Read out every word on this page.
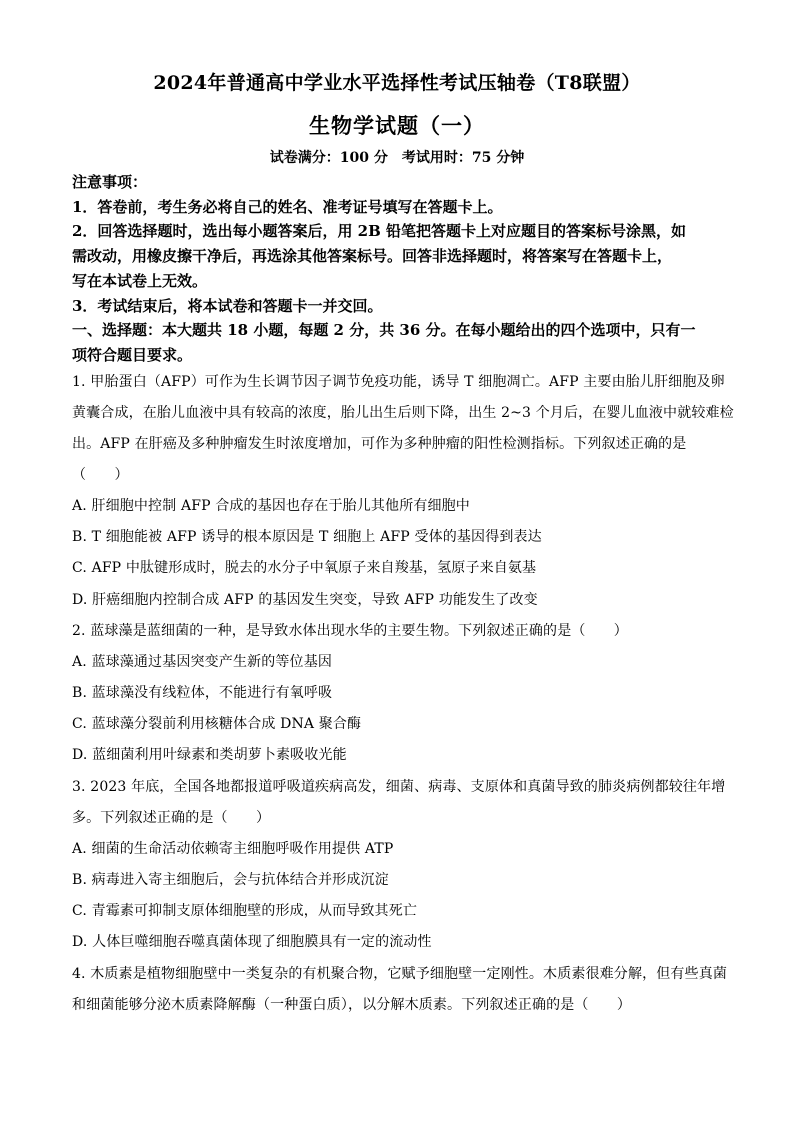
2024年普通高中学业水平选择性考试压轴卷（T8联盟）
生物学试题（一）
试卷满分：100 分　考试用时：75 分钟
注意事项：
1．答卷前，考生务必将自己的姓名、准考证号填写在答题卡上。
2．回答选择题时，选出每小题答案后，用 2B 铅笔把答题卡上对应题目的答案标号涂黑，如
需改动，用橡皮擦干净后，再选涂其他答案标号。回答非选择题时，将答案写在答题卡上，
写在本试卷上无效。
3．考试结束后，将本试卷和答题卡一并交回。
一、选择题：本大题共 18 小题，每题 2 分，共 36 分。在每小题给出的四个选项中，只有一
项符合题目要求。
1. 甲胎蛋白（AFP）可作为生长调节因子调节免疫功能，诱导 T 细胞凋亡。AFP 主要由胎儿肝细胞及卵
黄囊合成，在胎儿血液中具有较高的浓度，胎儿出生后则下降，出生 2~3 个月后，在婴儿血液中就较难检
出。AFP 在肝癌及多种肿瘤发生时浓度增加，可作为多种肿瘤的阳性检测指标。下列叙述正确的是
（　　）
A. 肝细胞中控制 AFP 合成的基因也存在于胎儿其他所有细胞中
B. T 细胞能被 AFP 诱导的根本原因是 T 细胞上 AFP 受体的基因得到表达
C. AFP 中肽键形成时，脱去的水分子中氧原子来自羧基，氢原子来自氨基
D. 肝癌细胞内控制合成 AFP 的基因发生突变，导致 AFP 功能发生了改变
2. 蓝球藻是蓝细菌的一种，是导致水体出现水华的主要生物。下列叙述正确的是（　　）
A. 蓝球藻通过基因突变产生新的等位基因
B. 蓝球藻没有线粒体，不能进行有氧呼吸
C. 蓝球藻分裂前利用核糖体合成 DNA 聚合酶
D. 蓝细菌利用叶绿素和类胡萝卜素吸收光能
3. 2023 年底，全国各地都报道呼吸道疾病高发，细菌、病毒、支原体和真菌导致的肺炎病例都较往年增
多。下列叙述正确的是（　　）
A. 细菌的生命活动依赖寄主细胞呼吸作用提供 ATP
B. 病毒进入寄主细胞后，会与抗体结合并形成沉淀
C. 青霉素可抑制支原体细胞壁的形成，从而导致其死亡
D. 人体巨噬细胞吞噬真菌体现了细胞膜具有一定的流动性
4. 木质素是植物细胞壁中一类复杂的有机聚合物，它赋予细胞壁一定刚性。木质素很难分解，但有些真菌
和细菌能够分泌木质素降解酶（一种蛋白质），以分解木质素。下列叙述正确的是（　　）
